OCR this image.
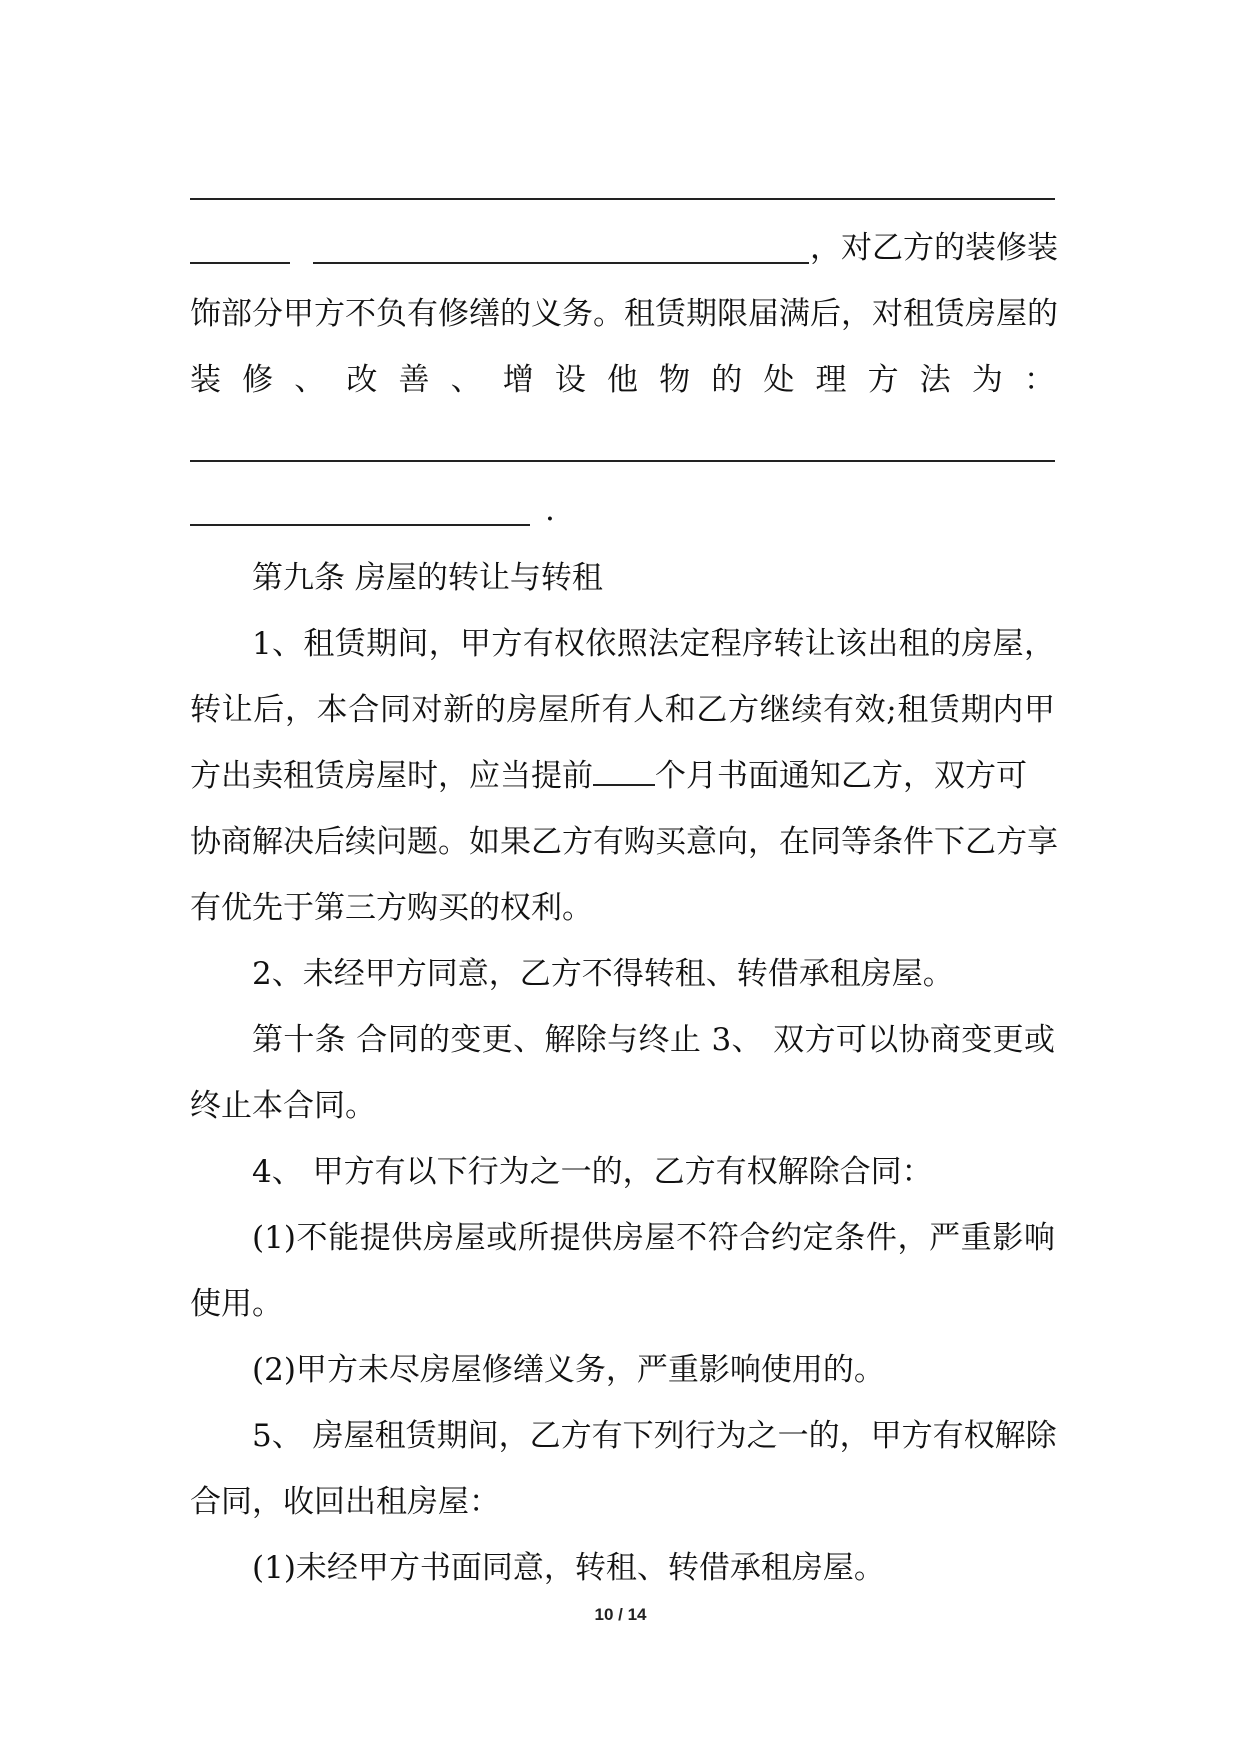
，对乙方的装修装
饰部分甲方不负有修缮的义务。租赁期限届满后，对租赁房屋的
装修、改善、增设他物的处理方法为：
.
第九条 房屋的转让与转租
1、租赁期间，甲方有权依照法定程序转让该出租的房屋，
转让后，本合同对新的房屋所有人和乙方继续有效;租赁期内甲
方出卖租赁房屋时，应当提前 个月书面通知乙方，双方可
协商解决后续问题。如果乙方有购买意向，在同等条件下乙方享
有优先于第三方购买的权利。
2、未经甲方同意，乙方不得转租、转借承租房屋。
第十条 合同的变更、解除与终止 3、 双方可以协商变更或
终止本合同。
4、 甲方有以下行为之一的，乙方有权解除合同：
(1)不能提供房屋或所提供房屋不符合约定条件，严重影响
使用。
(2)甲方未尽房屋修缮义务，严重影响使用的。
5、 房屋租赁期间，乙方有下列行为之一的，甲方有权解除
合同，收回出租房屋：
(1)未经甲方书面同意，转租、转借承租房屋。
10 / 14
